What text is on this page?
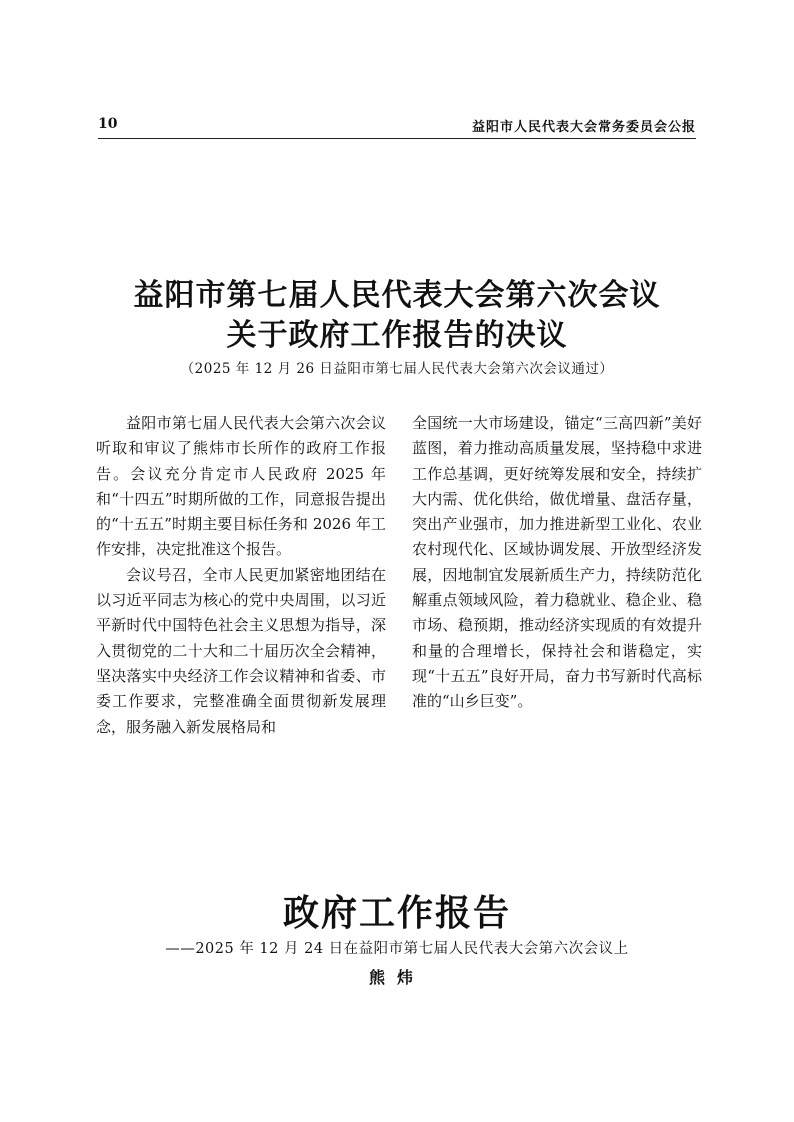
10	益阳市人民代表大会常务委员会公报
益阳市第七届人民代表大会第六次会议
关于政府工作报告的决议
（2025 年 12 月 26 日益阳市第七届人民代表大会第六次会议通过）

益阳市第七届人民代表大会第六次会议听取和审议了熊炜市长所作的政府工作报告。会议充分肯定市人民政府 2025 年和“十四五”时期所做的工作，同意报告提出的“十五五”时期主要目标任务和 2026 年工作安排，决定批准这个报告。

会议号召，全市人民更加紧密地团结在以习近平同志为核心的党中央周围，以习近平新时代中国特色社会主义思想为指导，深入贯彻党的二十大和二十届历次全会精神，坚决落实中央经济工作会议精神和省委、市委工作要求，完整准确全面贯彻新发展理念，服务融入新发展格局和

全国统一大市场建设，锚定“三高四新”美好蓝图，着力推动高质量发展，坚持稳中求进工作总基调，更好统筹发展和安全，持续扩大内需、优化供给，做优增量、盘活存量，突出产业强市，加力推进新型工业化、农业农村现代化、区域协调发展、开放型经济发展，因地制宜发展新质生产力，持续防范化解重点领域风险，着力稳就业、稳企业、稳市场、稳预期，推动经济实现质的有效提升和量的合理增长，保持社会和谐稳定，实现“十五五”良好开局，奋力书写新时代高标准的“山乡巨变”。

政府工作报告
——2025 年 12 月 24 日在益阳市第七届人民代表大会第六次会议上
熊炜
